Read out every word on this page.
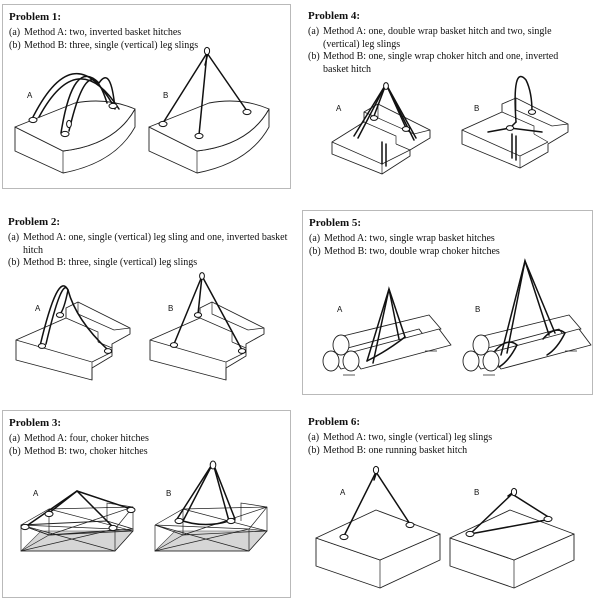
Problem 1:
(a) Method A: two, inverted basket hitches
(b) Method B: three, single (vertical) leg slings
A	B
Problem 4:
(a) Method A: one, double wrap basket hitch and two, single (vertical) leg slings
(b) Method B: one, single wrap choker hitch and one, inverted basket hitch
A	B
Problem 2:
(a) Method A: one, single (vertical) leg sling and one, inverted basket hitch
(b) Method B: three, single (vertical) leg slings
A	B
Problem 5:
(a) Method A: two, single wrap basket hitches
(b) Method B: two, double wrap choker hitches
A	B
Problem 3:
(a) Method A: four, choker hitches
(b) Method B: two, choker hitches
A	B
Problem 6:
(a) Method A: two, single (vertical) leg slings
(b) Method B: one running basket hitch
A	B
